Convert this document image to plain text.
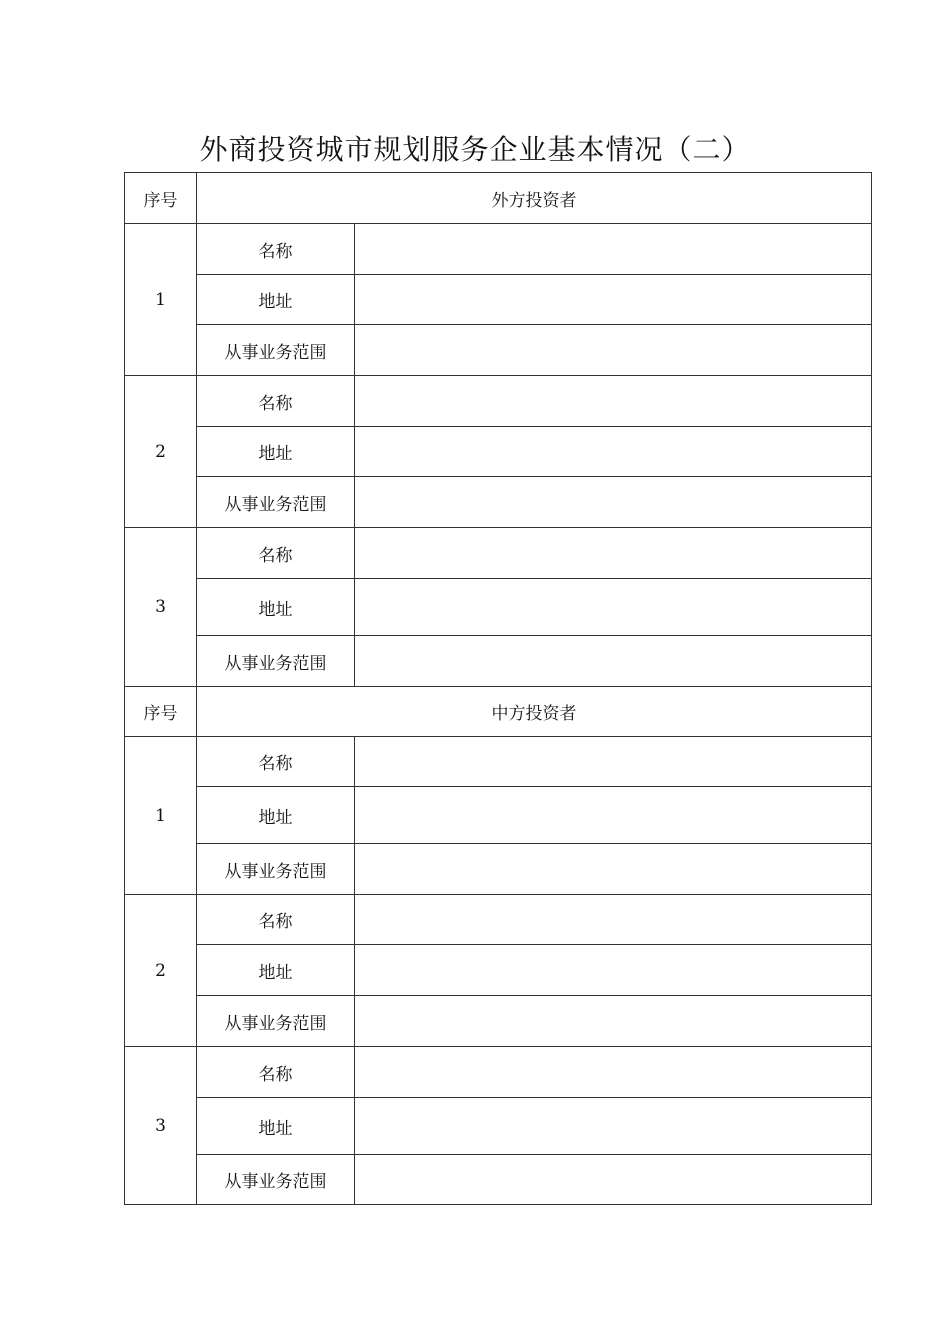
外商投资城市规划服务企业基本情况（二）
序号	外方投资者	
1	名称	
	地址	
	从事业务范围	
2	名称	
	地址	
	从事业务范围	
3	名称	
	地址	
	从事业务范围	
序号	中方投资者	
1	名称	
	地址	
	从事业务范围	
2	名称	
	地址	
	从事业务范围	
3	名称	
	地址	
	从事业务范围	
